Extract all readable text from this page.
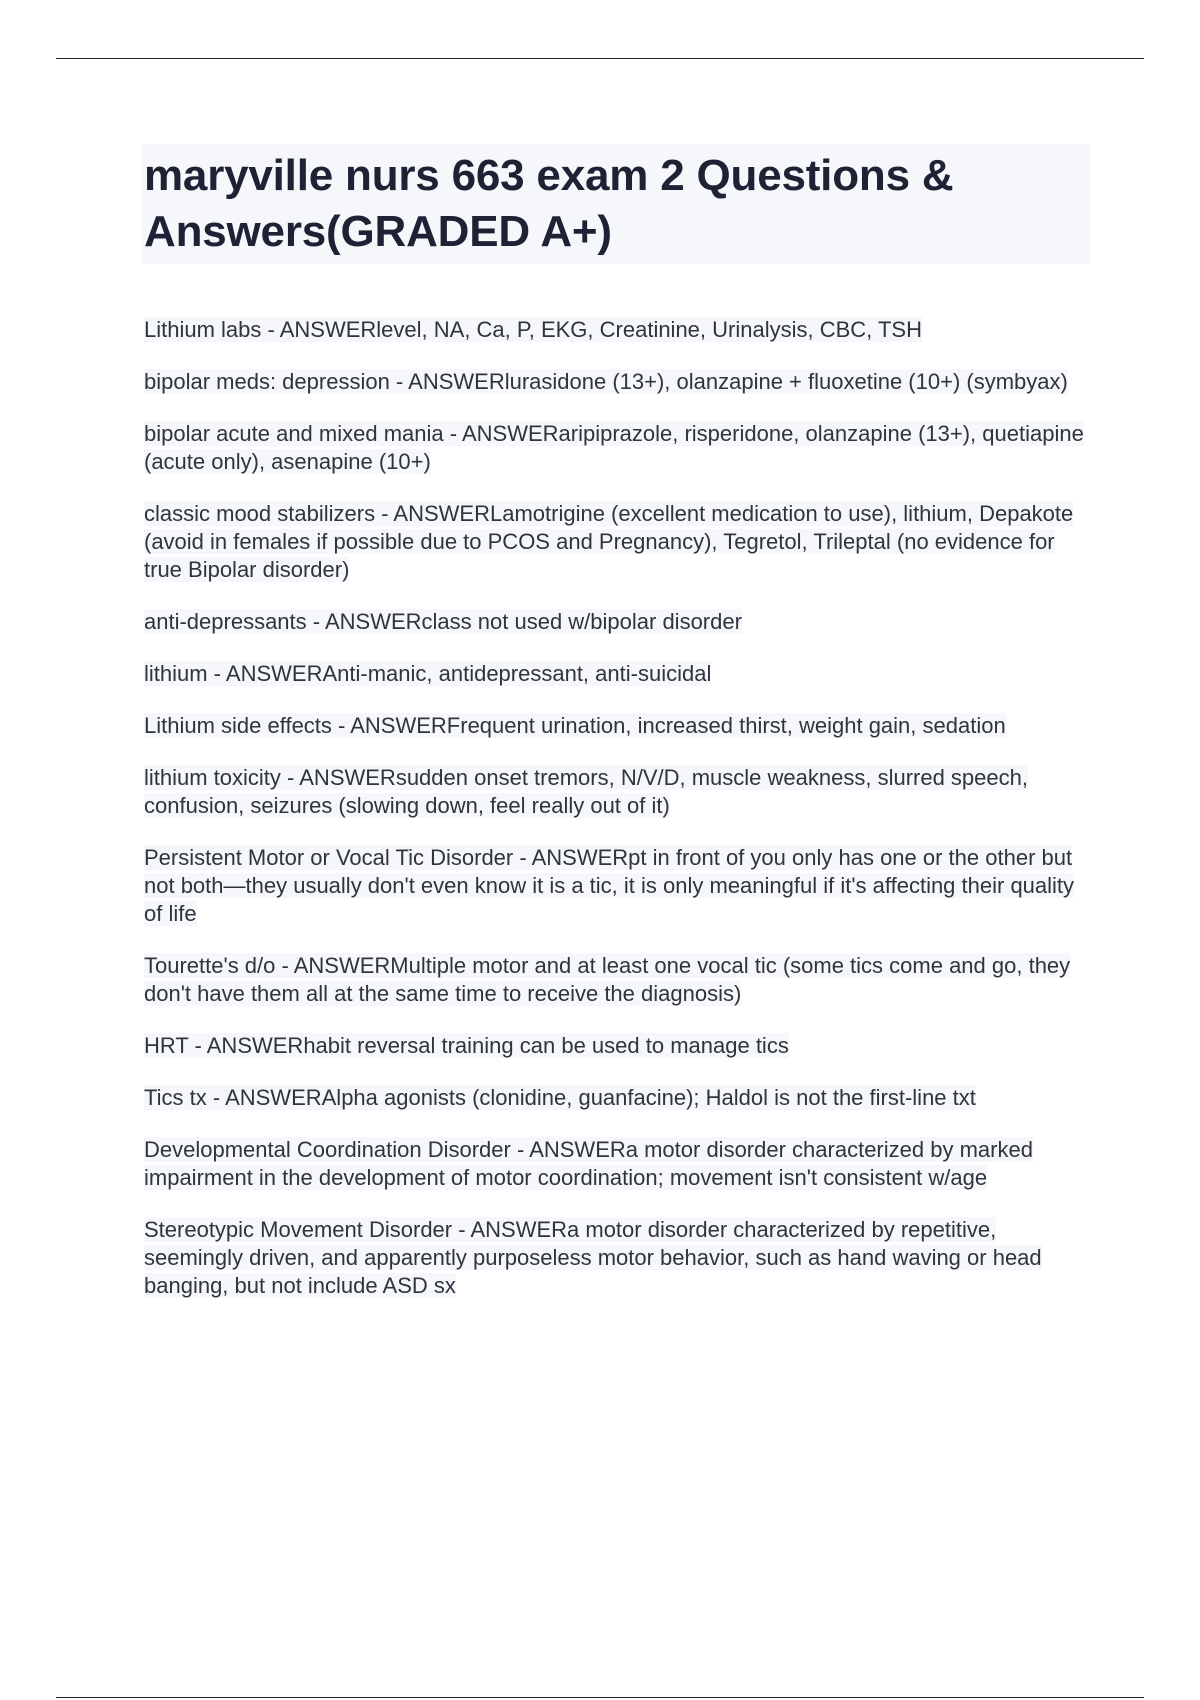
maryville nurs 663 exam 2 Questions & Answers(GRADED A+)

Lithium labs - ANSWERlevel, NA, Ca, P, EKG, Creatinine, Urinalysis, CBC, TSH

bipolar meds: depression - ANSWERlurasidone (13+), olanzapine + fluoxetine (10+) (symbyax)

bipolar acute and mixed mania - ANSWERaripiprazole, risperidone, olanzapine (13+), quetiapine (acute only), asenapine (10+)

classic mood stabilizers - ANSWERLamotrigine (excellent medication to use), lithium, Depakote (avoid in females if possible due to PCOS and Pregnancy), Tegretol, Trileptal (no evidence for true Bipolar disorder)

anti-depressants - ANSWERclass not used w/bipolar disorder

lithium - ANSWERAnti-manic, antidepressant, anti-suicidal

Lithium side effects - ANSWERFrequent urination, increased thirst, weight gain, sedation

lithium toxicity - ANSWERsudden onset tremors, N/V/D, muscle weakness, slurred speech, confusion, seizures (slowing down, feel really out of it)

Persistent Motor or Vocal Tic Disorder - ANSWERpt in front of you only has one or the other but not both—they usually don't even know it is a tic, it is only meaningful if it's affecting their quality of life

Tourette's d/o - ANSWERMultiple motor and at least one vocal tic (some tics come and go, they don't have them all at the same time to receive the diagnosis)

HRT - ANSWERhabit reversal training can be used to manage tics

Tics tx - ANSWERAlpha agonists (clonidine, guanfacine); Haldol is not the first-line txt

Developmental Coordination Disorder - ANSWERa motor disorder characterized by marked impairment in the development of motor coordination; movement isn't consistent w/age

Stereotypic Movement Disorder - ANSWERa motor disorder characterized by repetitive, seemingly driven, and apparently purposeless motor behavior, such as hand waving or head banging, but not include ASD sx
